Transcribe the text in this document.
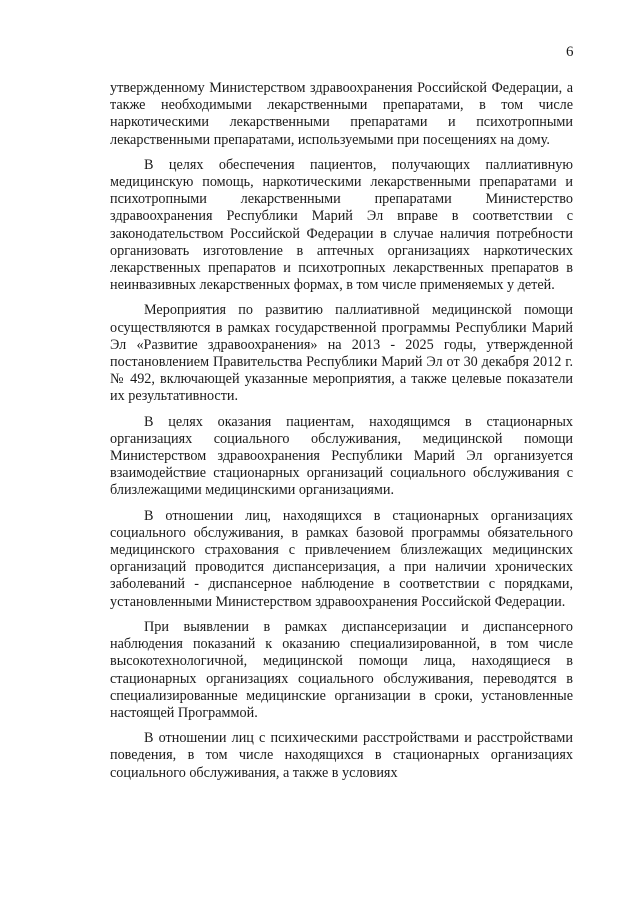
6

утвержденному Министерством здравоохранения Российской Федерации, а также необходимыми лекарственными препаратами, в том числе наркотическими лекарственными препаратами и психотропными лекарственными препаратами, используемыми при посещениях на дому.

В целях обеспечения пациентов, получающих паллиативную медицинскую помощь, наркотическими лекарственными препаратами и психотропными лекарственными препаратами Министерство здравоохранения Республики Марий Эл вправе в соответствии с законодательством Российской Федерации в случае наличия потребности организовать изготовление в аптечных организациях наркотических лекарственных препаратов и психотропных лекарственных препаратов в неинвазивных лекарственных формах, в том числе применяемых у детей.

Мероприятия по развитию паллиативной медицинской помощи осуществляются в рамках государственной программы Республики Марий Эл «Развитие здравоохранения» на 2013 - 2025 годы, утвержденной постановлением Правительства Республики Марий Эл от 30 декабря 2012 г. № 492, включающей указанные мероприятия, а также целевые показатели их результативности.

В целях оказания пациентам, находящимся в стационарных организациях социального обслуживания, медицинской помощи Министерством здравоохранения Республики Марий Эл организуется взаимодействие стационарных организаций социального обслуживания с близлежащими медицинскими организациями.

В отношении лиц, находящихся в стационарных организациях социального обслуживания, в рамках базовой программы обязательного медицинского страхования с привлечением близлежащих медицинских организаций проводится диспансеризация, а при наличии хронических заболеваний - диспансерное наблюдение в соответствии с порядками, установленными Министерством здравоохранения Российской Федерации.

При выявлении в рамках диспансеризации и диспансерного наблюдения показаний к оказанию специализированной, в том числе высокотехнологичной, медицинской помощи лица, находящиеся в стационарных организациях социального обслуживания, переводятся в специализированные медицинские организации в сроки, установленные настоящей Программой.

В отношении лиц с психическими расстройствами и расстройствами поведения, в том числе находящихся в стационарных организациях социального обслуживания, а также в условиях
